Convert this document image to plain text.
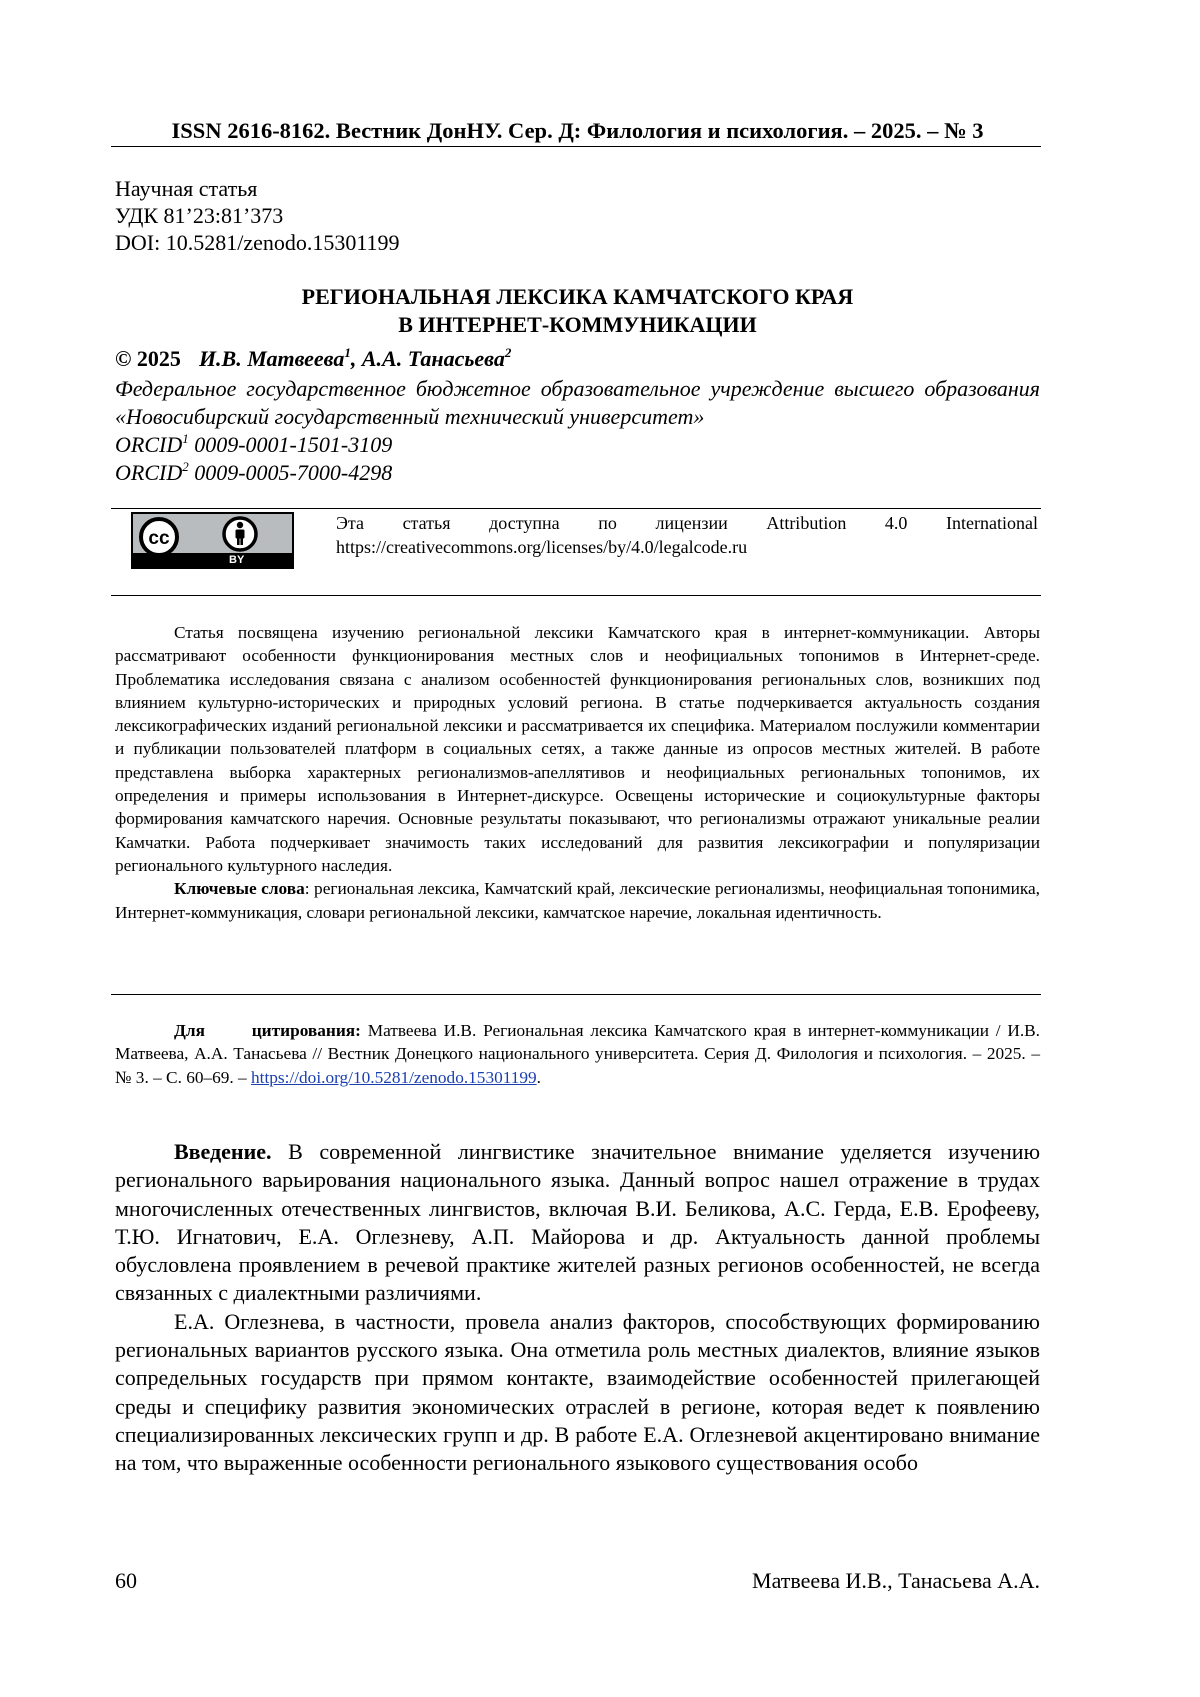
ISSN 2616-8162. Вестник ДонНУ. Сер. Д: Филология и психология. – 2025. – № 3
Научная статья
УДК 81’23:81’373
DOI: 10.5281/zenodo.15301199
РЕГИОНАЛЬНАЯ ЛЕКСИКА КАМЧАТСКОГО КРАЯ
В ИНТЕРНЕТ-КОММУНИКАЦИИ
© 2025 И.В. Матвеева$^1$, А.А. Танасьева$^2$
Федеральное государственное бюджетное образовательное учреждение высшего образования «Новосибирский государственный технический университет»
ORCID$^1$ 0009-0001-1501-3109
ORCID$^2$ 0009-0005-7000-4298
cc
BY
Эта статья доступна по лицензии Attribution 4.0 International
https://creativecommons.org/licenses/by/4.0/legalcode.ru

Статья посвящена изучению региональной лексики Камчатского края в интернет-коммуникации. Авторы рассматривают особенности функционирования местных слов и неофициальных топонимов в Интернет-среде. Проблематика исследования связана с анализом особенностей функционирования региональных слов, возникших под влиянием культурно-исторических и природных условий региона. В статье подчеркивается актуальность создания лексикографических изданий региональной лексики и рассматривается их специфика. Материалом послужили комментарии и публикации пользователей платформ в социальных сетях, а также данные из опросов местных жителей. В работе представлена выборка характерных регионализмов-апеллятивов и неофициальных региональных топонимов, их определения и примеры использования в Интернет-дискурсе. Освещены исторические и социокультурные факторы формирования камчатского наречия. Основные результаты показывают, что регионализмы отражают уникальные реалии Камчатки. Работа подчеркивает значимость таких исследований для развития лексикографии и популяризации регионального культурного наследия.

Ключевые слова: региональная лексика, Камчатский край, лексические регионализмы, неофициальная топонимика, Интернет-коммуникация, словари региональной лексики, камчатское наречие, локальная идентичность.

Для цитирования: Матвеева И.В. Региональная лексика Камчатского края в интернет-коммуникации / И.В. Матвеева, А.А. Танасьева // Вестник Донецкого национального университета. Серия Д. Филология и психология. – 2025. – № 3. – С. 60–69. – https://doi.org/10.5281/zenodo.15301199.

Введение. В современной лингвистике значительное внимание уделяется изучению регионального варьирования национального языка. Данный вопрос нашел отражение в трудах многочисленных отечественных лингвистов, включая В.И. Беликова, А.С. Герда, Е.В. Ерофееву, Т.Ю. Игнатович, Е.А. Оглезневу, А.П. Майорова и др. Актуальность данной проблемы обусловлена проявлением в речевой практике жителей разных регионов особенностей, не всегда связанных с диалектными различиями.

Е.А. Оглезнева, в частности, провела анализ факторов, способствующих формированию региональных вариантов русского языка. Она отметила роль местных диалектов, влияние языков сопредельных государств при прямом контакте, взаимодействие особенностей прилегающей среды и специфику развития экономических отраслей в регионе, которая ведет к появлению специализированных лексических групп и др. В работе Е.А. Оглезневой акцентировано внимание на том, что выраженные особенности регионального языкового существования особо

60	Матвеева И.В., Танасьева А.А.
